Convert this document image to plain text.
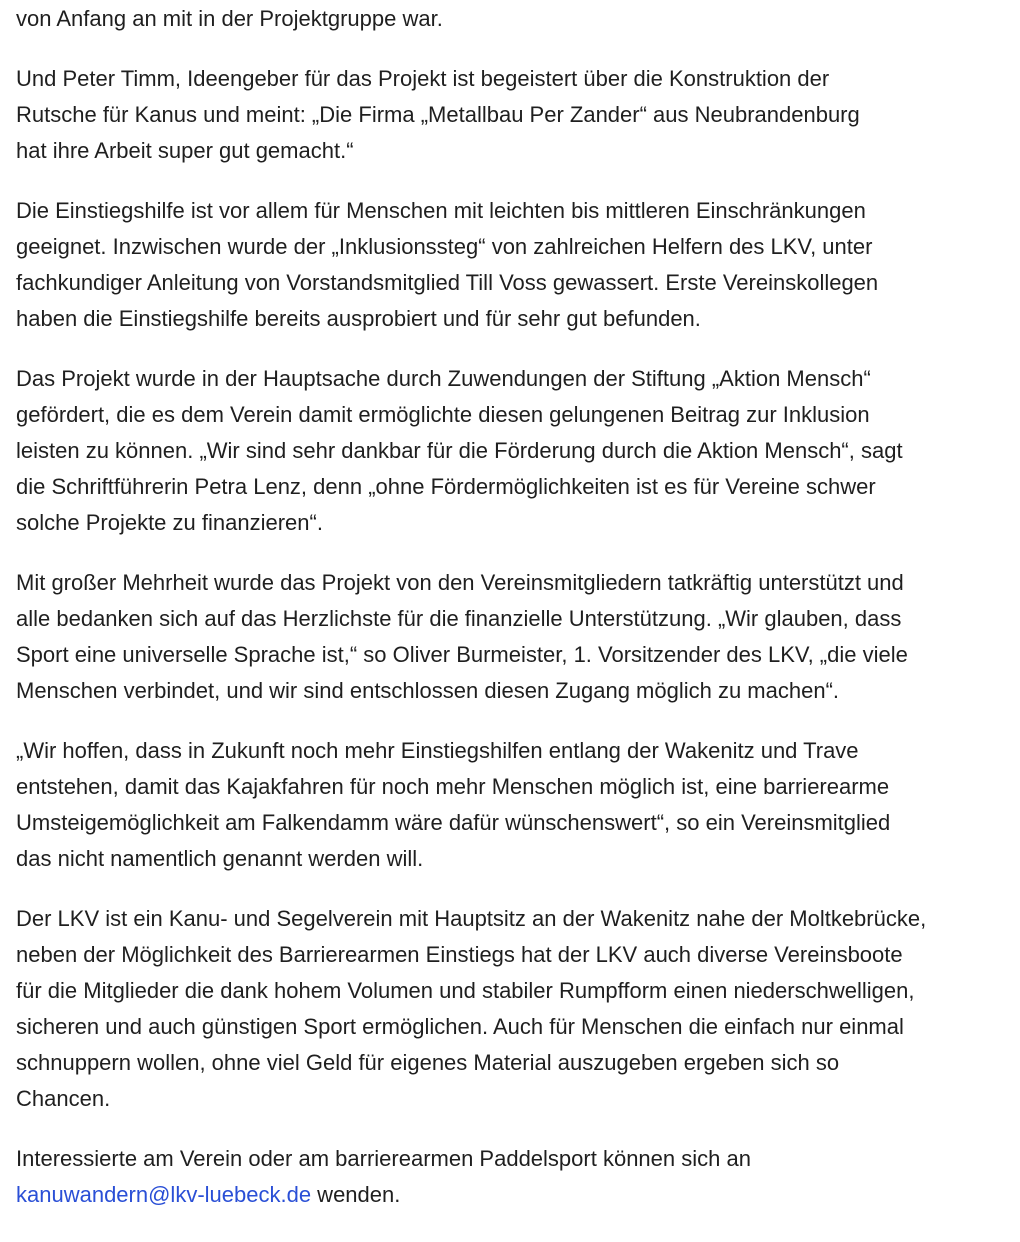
von Anfang an mit in der Projektgruppe war.
Und Peter Timm, Ideengeber für das Projekt ist begeistert über die Konstruktion der
Rutsche für Kanus und meint: „Die Firma „Metallbau Per Zander“ aus Neubrandenburg
hat ihre Arbeit super gut gemacht.“
Die Einstiegshilfe ist vor allem für Menschen mit leichten bis mittleren Einschränkungen
geeignet. Inzwischen wurde der „Inklusionssteg“ von zahlreichen Helfern des LKV, unter
fachkundiger Anleitung von Vorstandsmitglied Till Voss gewassert. Erste Vereinskollegen
haben die Einstiegshilfe bereits ausprobiert und für sehr gut befunden.
Das Projekt wurde in der Hauptsache durch Zuwendungen der Stiftung „Aktion Mensch“
gefördert, die es dem Verein damit ermöglichte diesen gelungenen Beitrag zur Inklusion
leisten zu können. „Wir sind sehr dankbar für die Förderung durch die Aktion Mensch“, sagt
die Schriftführerin Petra Lenz, denn „ohne Fördermöglichkeiten ist es für Vereine schwer
solche Projekte zu finanzieren“.
Mit großer Mehrheit wurde das Projekt von den Vereinsmitgliedern tatkräftig unterstützt und
alle bedanken sich auf das Herzlichste für die finanzielle Unterstützung. „Wir glauben, dass
Sport eine universelle Sprache ist,“ so Oliver Burmeister, 1. Vorsitzender des LKV, „die viele
Menschen verbindet, und wir sind entschlossen diesen Zugang möglich zu machen“.
„Wir hoffen, dass in Zukunft noch mehr Einstiegshilfen entlang der Wakenitz und Trave
entstehen, damit das Kajakfahren für noch mehr Menschen möglich ist, eine barrierearme
Umsteigemöglichkeit am Falkendamm wäre dafür wünschenswert“, so ein Vereinsmitglied
das nicht namentlich genannt werden will.
Der LKV ist ein Kanu- und Segelverein mit Hauptsitz an der Wakenitz nahe der Moltkebrücke,
neben der Möglichkeit des Barrierearmen Einstiegs hat der LKV auch diverse Vereinsboote
für die Mitglieder die dank hohem Volumen und stabiler Rumpfform einen niederschwelligen,
sicheren und auch günstigen Sport ermöglichen. Auch für Menschen die einfach nur einmal
schnuppern wollen, ohne viel Geld für eigenes Material auszugeben ergeben sich so
Chancen.
Interessierte am Verein oder am barrierearmen Paddelsport können sich an
kanuwandern@lkv-luebeck.de wenden.
